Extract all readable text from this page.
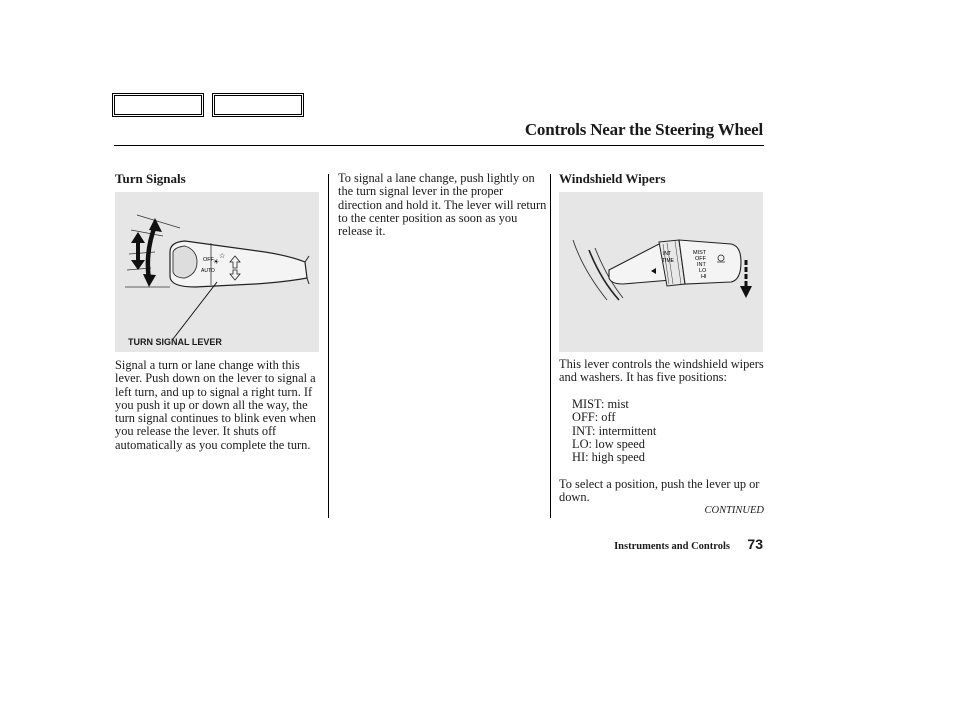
Controls Near the Steering Wheel
Turn Signals
OFF
AUTO
☆
☀

TURN SIGNAL LEVER

Signal a turn or lane change with this lever. Push down on the lever to signal a left turn, and up to signal a right turn. If you push it up or down all the way, the turn signal continues to blink even when you release the lever. It shuts off automatically as you complete the turn.

To signal a lane change, push lightly on the turn signal lever in the proper direction and hold it. The lever will return to the center position as soon as you release it.

Windshield Wipers
INT
TIME
MIST
OFF
INT
LO
HI

This lever controls the windshield wipers and washers. It has five positions:

MIST: mist
OFF: off
INT: intermittent
LO: low speed
HI: high speed

To select a position, push the lever up or down.

CONTINUED

Instruments and Controls 73
